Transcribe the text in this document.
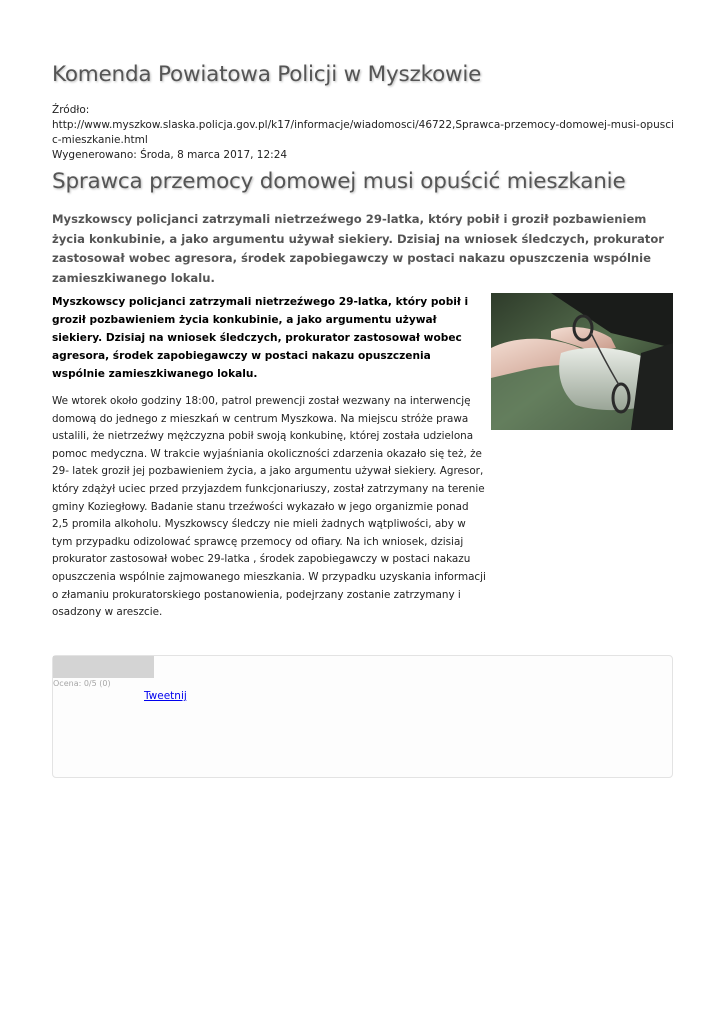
Komenda Powiatowa Policji w Myszkowie
Źródło:
http://www.myszkow.slaska.policja.gov.pl/k17/informacje/wiadomosci/46722,Sprawca-przemocy-domowej-musi-opuscic-mieszkanie.html
Wygenerowano: Środa, 8 marca 2017, 12:24
Sprawca przemocy domowej musi opuścić mieszkanie
Myszkowscy policjanci zatrzymali nietrzeźwego 29-latka, który pobił i groził pozbawieniem życia konkubinie, a jako argumentu używał siekiery. Dzisiaj na wniosek śledczych, prokurator zastosował wobec agresora, środek zapobiegawczy w postaci nakazu opuszczenia wspólnie zamieszkiwanego lokalu.
Myszkowscy policjanci zatrzymali nietrzeźwego 29-latka, który pobił i groził pozbawieniem życia konkubinie, a jako argumentu używał siekiery. Dzisiaj na wniosek śledczych, prokurator zastosował wobec agresora, środek zapobiegawczy w postaci nakazu opuszczenia wspólnie zamieszkiwanego lokalu.
We wtorek około godziny 18:00, patrol prewencji został wezwany na interwencję domową do jednego z mieszkań w centrum Myszkowa. Na miejscu stróże prawa ustalili, że nietrzeźwy mężczyzna pobił swoją konkubinę, której została udzielona pomoc medyczna. W trakcie wyjaśniania okoliczności zdarzenia okazało się też, że 29- latek groził jej pozbawieniem życia, a jako argumentu używał siekiery. Agresor, który zdążył uciec przed przyjazdem funkcjonariuszy, został zatrzymany na terenie gminy Koziegłowy. Badanie stanu trzeźwości wykazało w jego organizmie ponad 2,5 promila alkoholu. Myszkowscy śledczy nie mieli żadnych wątpliwości, aby w tym przypadku odizolować sprawcę przemocy od ofiary. Na ich wniosek, dzisiaj prokurator zastosował wobec 29-latka , środek zapobiegawczy w postaci nakazu opuszczenia wspólnie zajmowanego mieszkania. W przypadku uzyskania informacji o złamaniu prokuratorskiego postanowienia, podejrzany zostanie zatrzymany i osadzony w areszcie.
Ocena: 0/5 (0)
Tweetnij
